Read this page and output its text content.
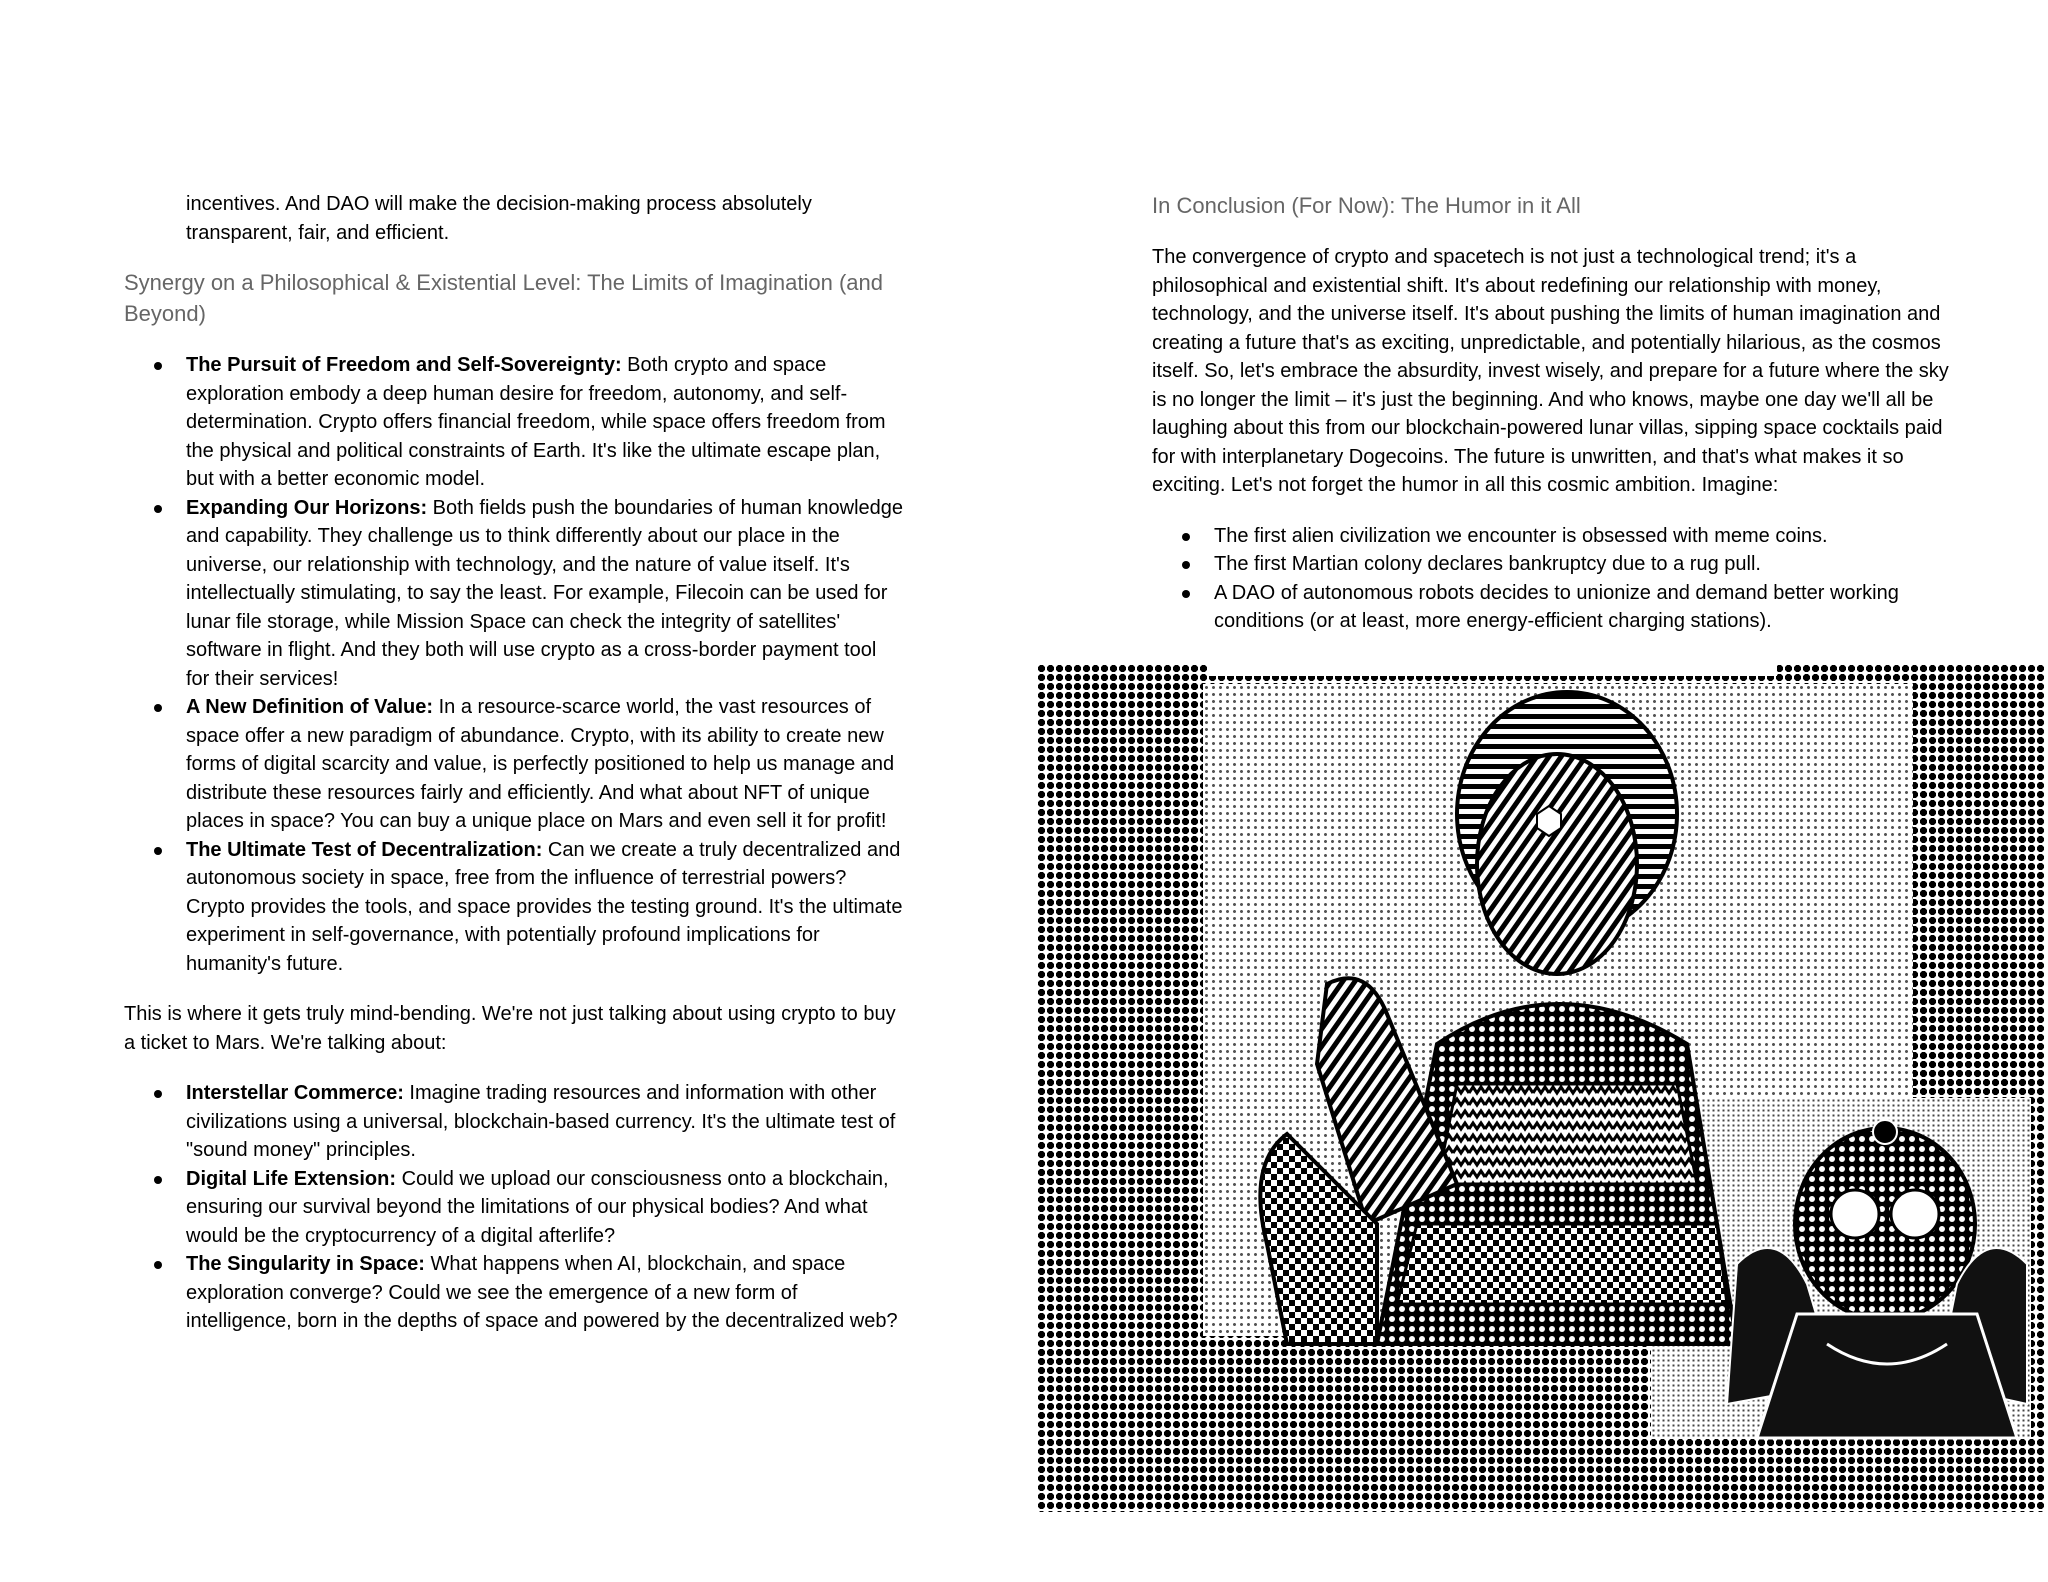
incentives. And DAO will make the decision-making process absolutely transparent, fair, and efficient.

Synergy on a Philosophical & Existential Level: The Limits of Imagination (and Beyond)
The Pursuit of Freedom and Self-Sovereignty: Both crypto and space exploration embody a deep human desire for freedom, autonomy, and self-determination. Crypto offers financial freedom, while space offers freedom from the physical and political constraints of Earth. It's like the ultimate escape plan, but with a better economic model.
Expanding Our Horizons: Both fields push the boundaries of human knowledge and capability. They challenge us to think differently about our place in the universe, our relationship with technology, and the nature of value itself. It's intellectually stimulating, to say the least. For example, Filecoin can be used for lunar file storage, while Mission Space can check the integrity of satellites' software in flight. And they both will use crypto as a cross-border payment tool for their services!
A New Definition of Value: In a resource-scarce world, the vast resources of space offer a new paradigm of abundance. Crypto, with its ability to create new forms of digital scarcity and value, is perfectly positioned to help us manage and distribute these resources fairly and efficiently. And what about NFT of unique places in space? You can buy a unique place on Mars and even sell it for profit!
The Ultimate Test of Decentralization: Can we create a truly decentralized and autonomous society in space, free from the influence of terrestrial powers? Crypto provides the tools, and space provides the testing ground. It's the ultimate experiment in self-governance, with potentially profound implications for humanity's future.

This is where it gets truly mind-bending. We're not just talking about using crypto to buy a ticket to Mars. We're talking about:

Interstellar Commerce: Imagine trading resources and information with other civilizations using a universal, blockchain-based currency. It's the ultimate test of "sound money" principles.
Digital Life Extension: Could we upload our consciousness onto a blockchain, ensuring our survival beyond the limitations of our physical bodies? And what would be the cryptocurrency of a digital afterlife?
The Singularity in Space: What happens when AI, blockchain, and space exploration converge? Could we see the emergence of a new form of intelligence, born in the depths of space and powered by the decentralized web?
In Conclusion (For Now): The Humor in it All

The convergence of crypto and spacetech is not just a technological trend; it's a philosophical and existential shift. It's about redefining our relationship with money, technology, and the universe itself. It's about pushing the limits of human imagination and creating a future that's as exciting, unpredictable, and potentially hilarious, as the cosmos itself. So, let's embrace the absurdity, invest wisely, and prepare for a future where the sky is no longer the limit – it's just the beginning. And who knows, maybe one day we'll all be laughing about this from our blockchain-powered lunar villas, sipping space cocktails paid for with interplanetary Dogecoins. The future is unwritten, and that's what makes it so exciting. Let's not forget the humor in all this cosmic ambition. Imagine:

The first alien civilization we encounter is obsessed with meme coins.
The first Martian colony declares bankruptcy due to a rug pull.
A DAO of autonomous robots decides to unionize and demand better working conditions (or at least, more energy-efficient charging stations).
